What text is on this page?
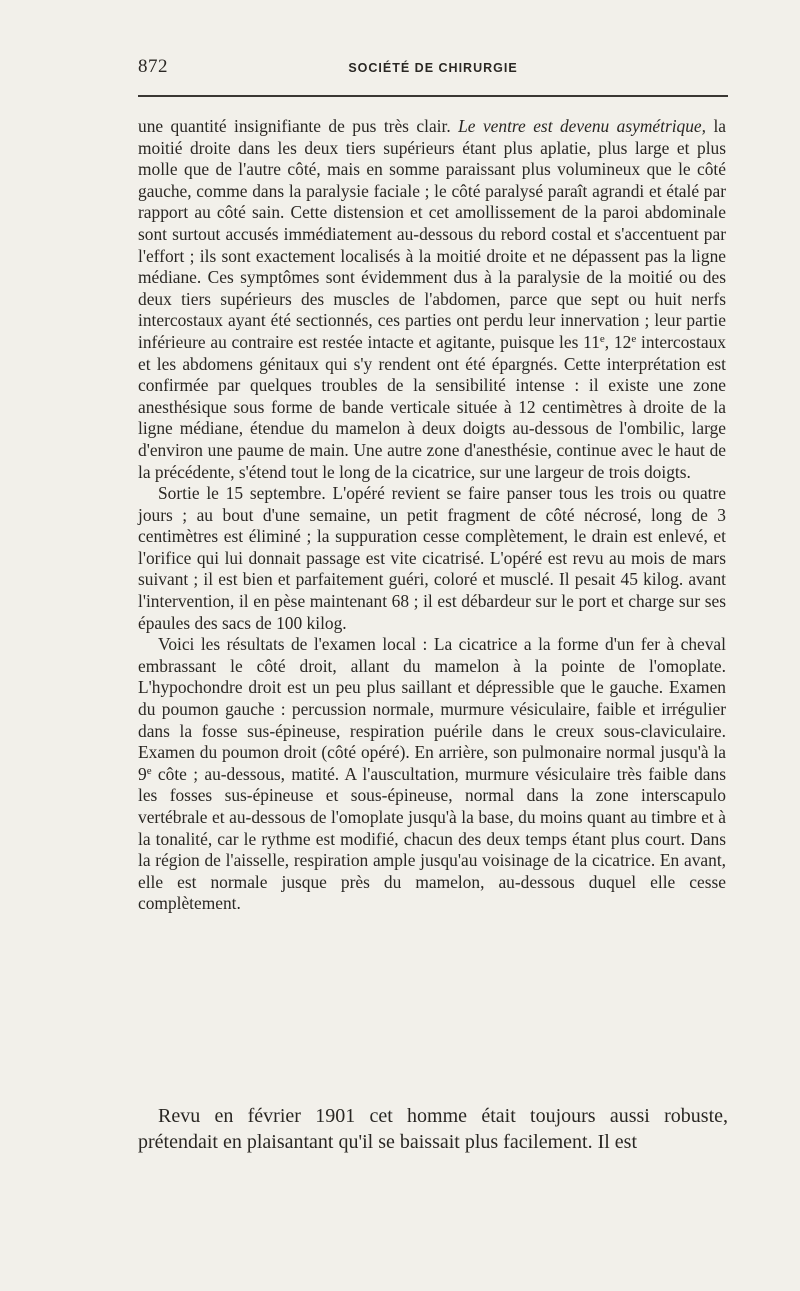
872	SOCIÉTÉ DE CHIRURGIE

une quantité insignifiante de pus très clair. Le ventre est devenu asymétrique, la moitié droite dans les deux tiers supérieurs étant plus aplatie, plus large et plus molle que de l'autre côté, mais en somme paraissant plus volumineux que le côté gauche, comme dans la paralysie faciale ; le côté paralysé paraît agrandi et étalé par rapport au côté sain. Cette distension et cet amollissement de la paroi abdominale sont surtout accusés immédiatement au-dessous du rebord costal et s'accentuent par l'effort ; ils sont exactement localisés à la moitié droite et ne dépassent pas la ligne médiane. Ces symptômes sont évidemment dus à la paralysie de la moitié ou des deux tiers supérieurs des muscles de l'abdomen, parce que sept ou huit nerfs intercostaux ayant été sectionnés, ces parties ont perdu leur innervation ; leur partie inférieure au contraire est restée intacte et agitante, puisque les 11e, 12e intercostaux et les abdomens génitaux qui s'y rendent ont été épargnés. Cette interprétation est confirmée par quelques troubles de la sensibilité intense : il existe une zone anesthésique sous forme de bande verticale située à 12 centimètres à droite de la ligne médiane, étendue du mamelon à deux doigts au-dessous de l'ombilic, large d'environ une paume de main. Une autre zone d'anesthésie, continue avec le haut de la précédente, s'étend tout le long de la cicatrice, sur une largeur de trois doigts.

Sortie le 15 septembre. L'opéré revient se faire panser tous les trois ou quatre jours ; au bout d'une semaine, un petit fragment de côté nécrosé, long de 3 centimètres est éliminé ; la suppuration cesse complètement, le drain est enlevé, et l'orifice qui lui donnait passage est vite cicatrisé. L'opéré est revu au mois de mars suivant ; il est bien et parfaitement guéri, coloré et musclé. Il pesait 45 kilog. avant l'intervention, il en pèse maintenant 68 ; il est débardeur sur le port et charge sur ses épaules des sacs de 100 kilog.

Voici les résultats de l'examen local : La cicatrice a la forme d'un fer à cheval embrassant le côté droit, allant du mamelon à la pointe de l'omoplate. L'hypochondre droit est un peu plus saillant et dépressible que le gauche. Examen du poumon gauche : percussion normale, murmure vésiculaire, faible et irrégulier dans la fosse sus-épineuse, respiration puérile dans le creux sous-claviculaire. Examen du poumon droit (côté opéré). En arrière, son pulmonaire normal jusqu'à la 9e côte ; au-dessous, matité. A l'auscultation, murmure vésiculaire très faible dans les fosses sus-épineuse et sous-épineuse, normal dans la zone interscapulo vertébrale et au-dessous de l'omoplate jusqu'à la base, du moins quant au timbre et à la tonalité, car le rythme est modifié, chacun des deux temps étant plus court. Dans la région de l'aisselle, respiration ample jusqu'au voisinage de la cicatrice. En avant, elle est normale jusque près du mamelon, au-dessous duquel elle cesse complètement.

Revu en février 1901 cet homme était toujours aussi robuste, prétendait en plaisantant qu'il se baissait plus facilement. Il est
